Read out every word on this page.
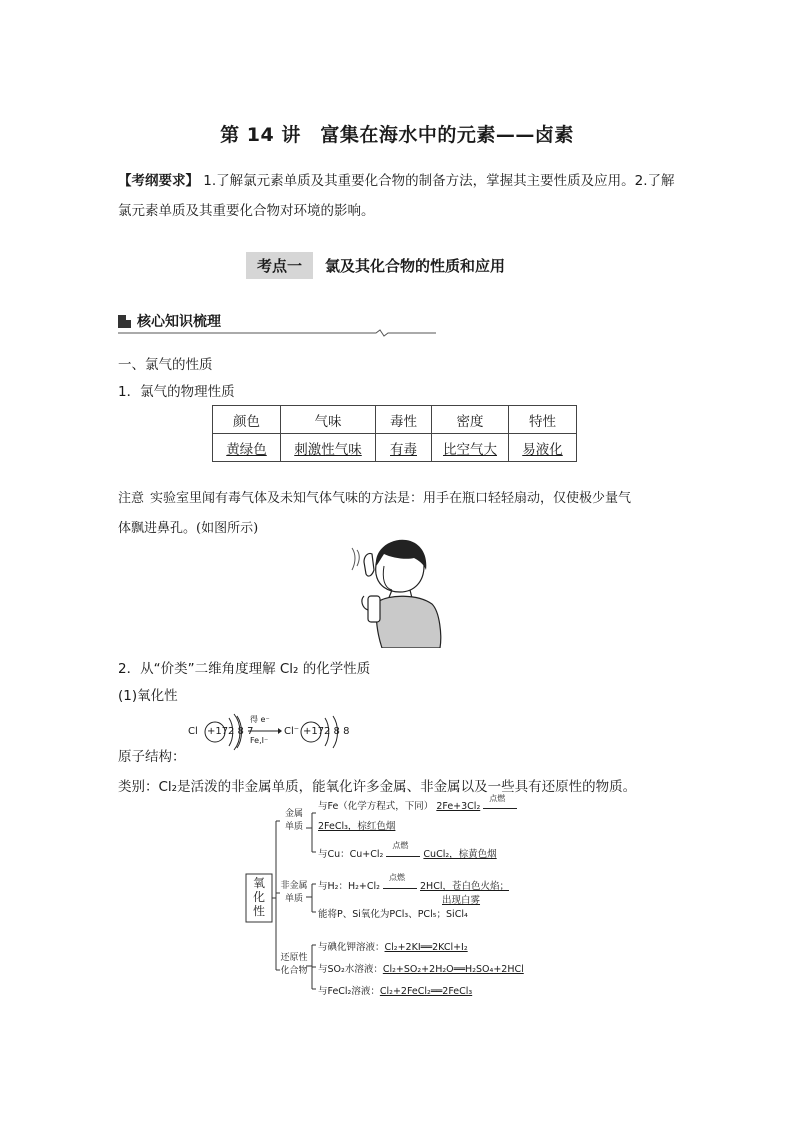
第 14 讲　富集在海水中的元素——卤素
【考纲要求】 1.了解氯元素单质及其重要化合物的制备方法，掌握其主要性质及应用。2.了解
氯元素单质及其重要化合物对环境的影响。
考点一	氯及其化合物的性质和应用
核心知识梳理
一、氯气的性质
1．氯气的物理性质
颜色	气味	毒性	密度	特性
黄绿色	刺激性气味	有毒	比空气大	易液化
注意 实验室里闻有毒气体及未知气体气味的方法是：用手在瓶口轻轻扇动，仅使极少量气
体飘进鼻孔。(如图所示)
2．从“价类”二维角度理解 Cl₂ 的化学性质
(1)氧化性
原子结构：
Cl +17 2 8 7
得 e⁻
Fe,I⁻
Cl⁻ +17 2 8 8
类别：Cl₂是活泼的非金属单质，能氧化许多金属、非金属以及一些具有还原性的物质。
氧化性
金属
单质
非金属
单质
还原性
化合物
与Fe（化学方程式，下同） 2Fe+3Cl₂
点燃
2FeCl₃，棕红色烟
与Cu：Cu+Cl₂
点燃
CuCl₂，棕黄色烟
与H₂：H₂+Cl₂
点燃
2HCl，苍白色火焰；
出现白雾
能将P、Si氧化为PCl₃、PCl₅；SiCl₄
与碘化钾溶液：Cl₂+2KI══2KCl+I₂
与SO₂水溶液：Cl₂+SO₂+2H₂O══H₂SO₄+2HCl
与FeCl₂溶液：Cl₂+2FeCl₂══2FeCl₃
